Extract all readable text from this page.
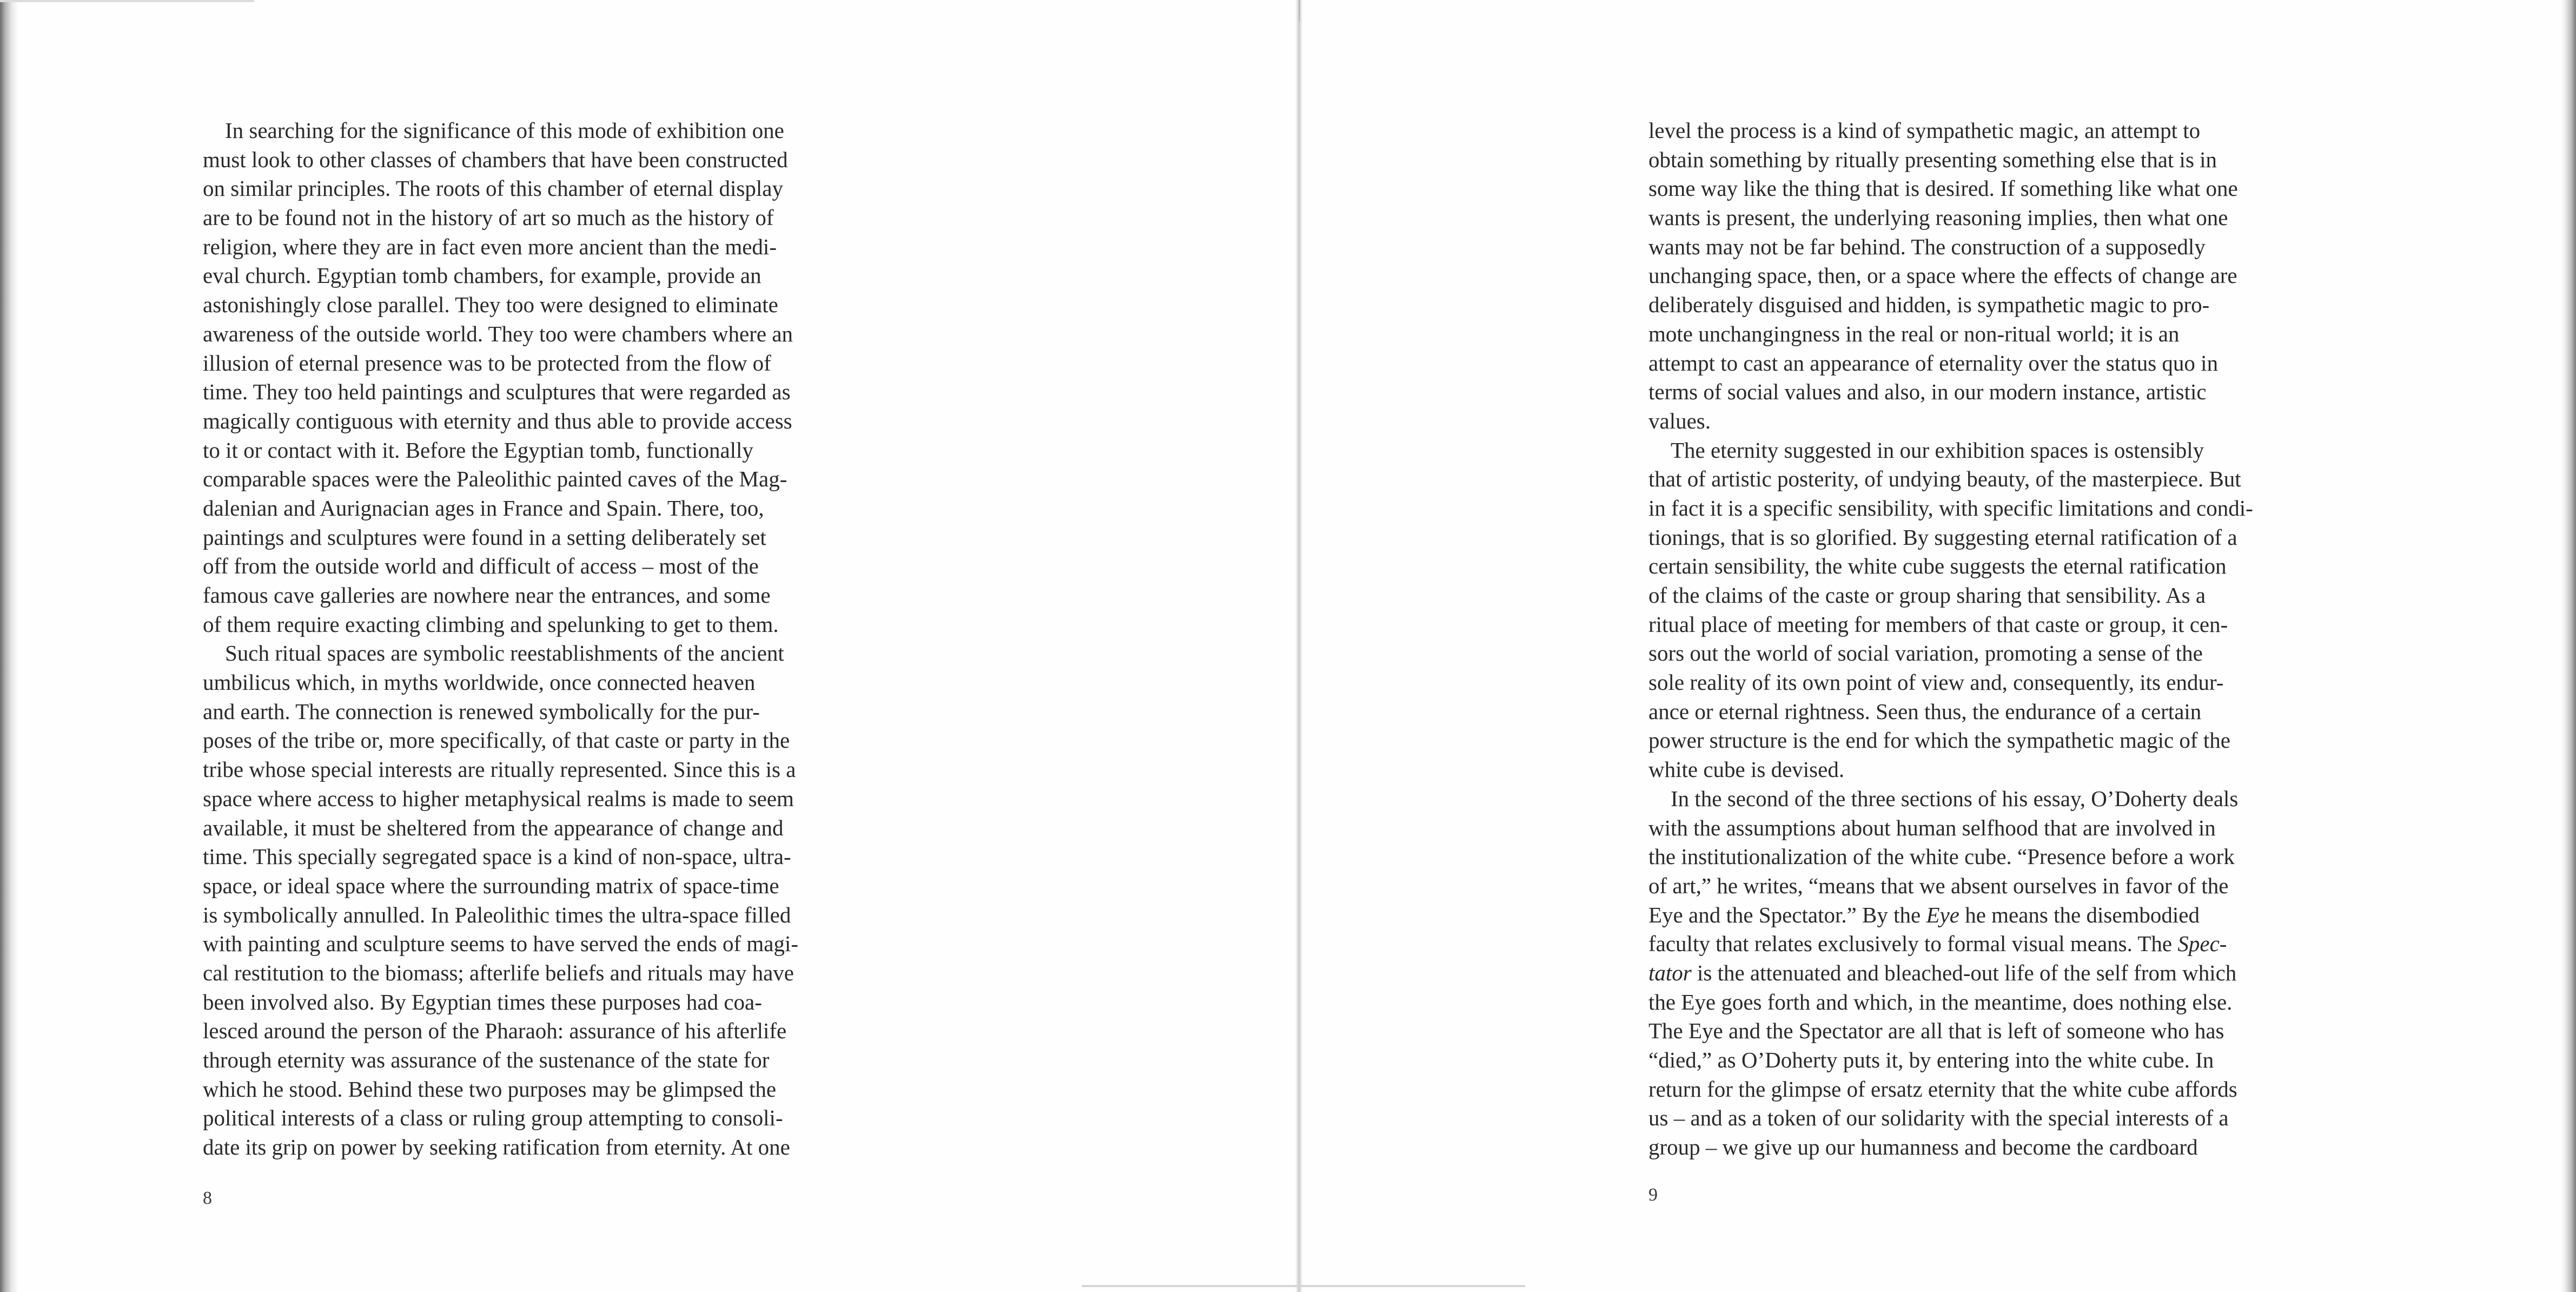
In searching for the significance of this mode of exhibition one
must look to other classes of chambers that have been constructed
on similar principles. The roots of this chamber of eternal display
are to be found not in the history of art so much as the history of
religion, where they are in fact even more ancient than the medi-
eval church. Egyptian tomb chambers, for example, provide an
astonishingly close parallel. They too were designed to eliminate
awareness of the outside world. They too were chambers where an
illusion of eternal presence was to be protected from the flow of
time. They too held paintings and sculptures that were regarded as
magically contiguous with eternity and thus able to provide access
to it or contact with it. Before the Egyptian tomb, functionally
comparable spaces were the Paleolithic painted caves of the Mag-
dalenian and Aurignacian ages in France and Spain. There, too,
paintings and sculptures were found in a setting deliberately set
off from the outside world and difficult of access – most of the
famous cave galleries are nowhere near the entrances, and some
of them require exacting climbing and spelunking to get to them.
Such ritual spaces are symbolic reestablishments of the ancient
umbilicus which, in myths worldwide, once connected heaven
and earth. The connection is renewed symbolically for the pur-
poses of the tribe or, more specifically, of that caste or party in the
tribe whose special interests are ritually represented. Since this is a
space where access to higher metaphysical realms is made to seem
available, it must be sheltered from the appearance of change and
time. This specially segregated space is a kind of non-space, ultra-
space, or ideal space where the surrounding matrix of space-time
is symbolically annulled. In Paleolithic times the ultra-space filled
with painting and sculpture seems to have served the ends of magi-
cal restitution to the biomass; afterlife beliefs and rituals may have
been involved also. By Egyptian times these purposes had coa-
lesced around the person of the Pharaoh: assurance of his afterlife
through eternity was assurance of the sustenance of the state for
which he stood. Behind these two purposes may be glimpsed the
political interests of a class or ruling group attempting to consoli-
date its grip on power by seeking ratification from eternity. At one
level the process is a kind of sympathetic magic, an attempt to
obtain something by ritually presenting something else that is in
some way like the thing that is desired. If something like what one
wants is present, the underlying reasoning implies, then what one
wants may not be far behind. The construction of a supposedly
unchanging space, then, or a space where the effects of change are
deliberately disguised and hidden, is sympathetic magic to pro-
mote unchangingness in the real or non-ritual world; it is an
attempt to cast an appearance of eternality over the status quo in
terms of social values and also, in our modern instance, artistic
values.
The eternity suggested in our exhibition spaces is ostensibly
that of artistic posterity, of undying beauty, of the masterpiece. But
in fact it is a specific sensibility, with specific limitations and condi-
tionings, that is so glorified. By suggesting eternal ratification of a
certain sensibility, the white cube suggests the eternal ratification
of the claims of the caste or group sharing that sensibility. As a
ritual place of meeting for members of that caste or group, it cen-
sors out the world of social variation, promoting a sense of the
sole reality of its own point of view and, consequently, its endur-
ance or eternal rightness. Seen thus, the endurance of a certain
power structure is the end for which the sympathetic magic of the
white cube is devised.
In the second of the three sections of his essay, O’Doherty deals
with the assumptions about human selfhood that are involved in
the institutionalization of the white cube. “Presence before a work
of art,” he writes, “means that we absent ourselves in favor of the
Eye and the Spectator.” By the Eye he means the disembodied
faculty that relates exclusively to formal visual means. The Spec-
tator is the attenuated and bleached-out life of the self from which
the Eye goes forth and which, in the meantime, does nothing else.
The Eye and the Spectator are all that is left of someone who has
“died,” as O’Doherty puts it, by entering into the white cube. In
return for the glimpse of ersatz eternity that the white cube affords
us – and as a token of our solidarity with the special interests of a
group – we give up our humanness and become the cardboard
8	9
